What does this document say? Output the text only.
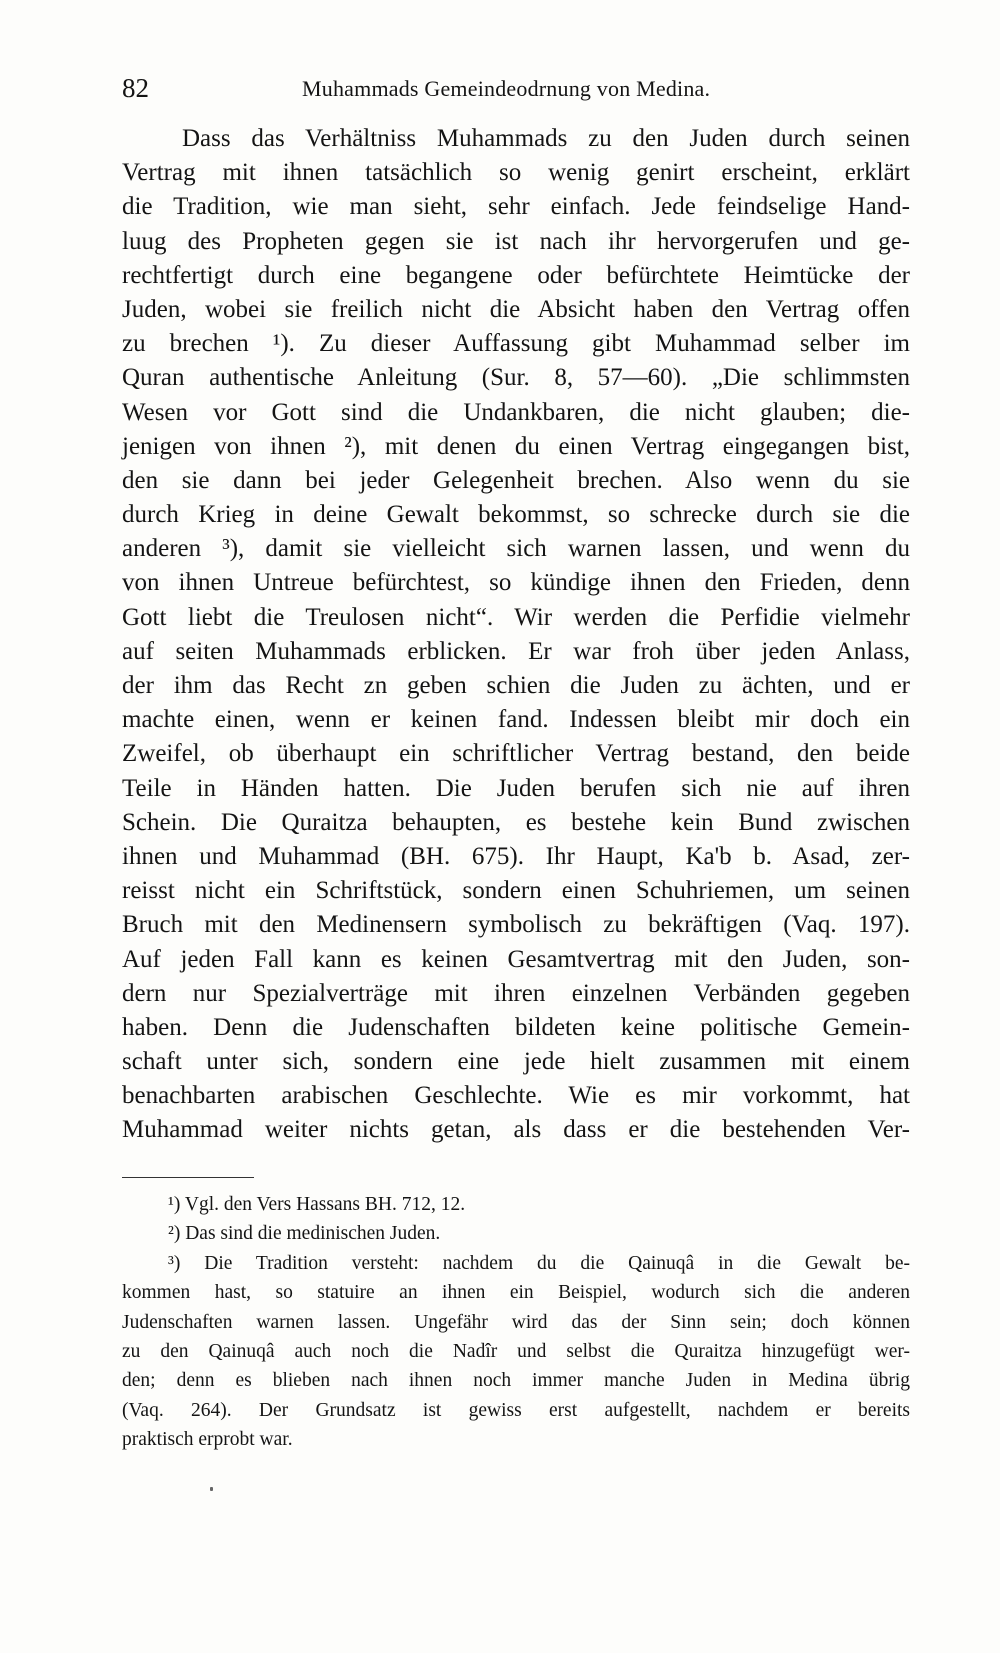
82	Muhammads Gemeindeodrnung von Medina.
Dass das Verhältniss Muhammads zu den Juden durch seinen
Vertrag mit ihnen tatsächlich so wenig genirt erscheint, erklärt
die Tradition, wie man sieht, sehr einfach. Jede feindselige Hand-
luug des Propheten gegen sie ist nach ihr hervorgerufen und ge-
rechtfertigt durch eine begangene oder befürchtete Heimtücke der
Juden, wobei sie freilich nicht die Absicht haben den Vertrag offen
zu brechen ¹). Zu dieser Auffassung gibt Muhammad selber im
Quran authentische Anleitung (Sur. 8, 57—60). „Die schlimmsten
Wesen vor Gott sind die Undankbaren, die nicht glauben; die-
jenigen von ihnen ²), mit denen du einen Vertrag eingegangen bist,
den sie dann bei jeder Gelegenheit brechen. Also wenn du sie
durch Krieg in deine Gewalt bekommst, so schrecke durch sie die
anderen ³), damit sie vielleicht sich warnen lassen, und wenn du
von ihnen Untreue befürchtest, so kündige ihnen den Frieden, denn
Gott liebt die Treulosen nicht“. Wir werden die Perfidie vielmehr
auf seiten Muhammads erblicken. Er war froh über jeden Anlass,
der ihm das Recht zn geben schien die Juden zu ächten, und er
machte einen, wenn er keinen fand. Indessen bleibt mir doch ein
Zweifel, ob überhaupt ein schriftlicher Vertrag bestand, den beide
Teile in Händen hatten. Die Juden berufen sich nie auf ihren
Schein. Die Quraitza behaupten, es bestehe kein Bund zwischen
ihnen und Muhammad (BH. 675). Ihr Haupt, Ka'b b. Asad, zer-
reisst nicht ein Schriftstück, sondern einen Schuhriemen, um seinen
Bruch mit den Medinensern symbolisch zu bekräftigen (Vaq. 197).
Auf jeden Fall kann es keinen Gesamtvertrag mit den Juden, son-
dern nur Spezialverträge mit ihren einzelnen Verbänden gegeben
haben. Denn die Judenschaften bildeten keine politische Gemein-
schaft unter sich, sondern eine jede hielt zusammen mit einem
benachbarten arabischen Geschlechte. Wie es mir vorkommt, hat
Muhammad weiter nichts getan, als dass er die bestehenden Ver-
¹) Vgl. den Vers Hassans BH. 712, 12.
²) Das sind die medinischen Juden.
³) Die Tradition versteht: nachdem du die Qainuqâ in die Gewalt be-
kommen hast, so statuire an ihnen ein Beispiel, wodurch sich die anderen
Judenschaften warnen lassen. Ungefähr wird das der Sinn sein; doch können
zu den Qainuqâ auch noch die Nadîr und selbst die Quraitza hinzugefügt wer-
den; denn es blieben nach ihnen noch immer manche Juden in Medina übrig
(Vaq. 264). Der Grundsatz ist gewiss erst aufgestellt, nachdem er bereits
praktisch erprobt war.
